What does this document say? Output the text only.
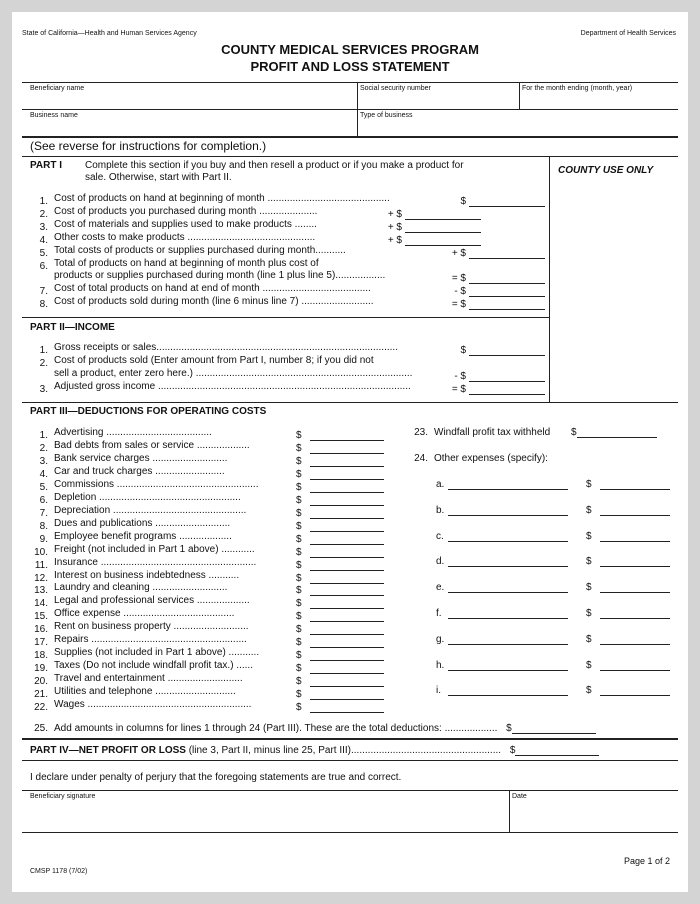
State of California—Health and Human Services Agency	Department of Health Services
COUNTY MEDICAL SERVICES PROGRAM
PROFIT AND LOSS STATEMENT
Beneficiary name	Social security number	For the month ending (month, year)
Business name	Type of business
(See reverse for instructions for completion.)
COUNTY USE ONLY
PART I Complete this section if you buy and then resell a product or if you make a product for
sale. Otherwise, start with Part II.
1. Cost of products on hand at beginning of month ............................................	$
2. Cost of products you purchased during month .....................	+ $
3. Cost of materials and supplies used to make products ........	+ $
4. Other costs to make products ..............................................	+ $
5. Total costs of products or supplies purchased during month...........	+ $
6. Total of products on hand at beginning of month plus cost of
products or supplies purchased during month (line 1 plus line 5)..................	= $
7. Cost of total products on hand at end of month .......................................	- $
8. Cost of products sold during month (line 6 minus line 7) ..........................	= $
PART II—INCOME
1. Gross receipts or sales.......................................................................................	$
2. Cost of products sold (Enter amount from Part I, number 8; if you did not
sell a product, enter zero here.) ..............................................................................	- $
3. Adjusted gross income ...........................................................................................	= $
PART III—DEDUCTIONS FOR OPERATING COSTS
1. Advertising ......................................	$
2. Bad debts from sales or service ...................	$
3. Bank service charges ...........................	$
4. Car and truck charges .........................	$
5. Commissions ...................................................	$
6. Depletion ...................................................	$
7. Depreciation ................................................	$
8. Dues and publications ...........................	$
9. Employee benefit programs ...................	$
10. Freight (not included in Part 1 above) ............	$
11. Insurance ........................................................	$
12. Interest on business indebtedness ...........	$
13. Laundry and cleaning ...........................	$
14. Legal and professional services ...................	$
15. Office expense ........................................	$
16. Rent on business property ...........................	$
17. Repairs ........................................................	$
18. Supplies (not included in Part 1 above) ...........	$
19. Taxes (Do not include windfall profit tax.) ......	$
20. Travel and entertainment ...........................	$
21. Utilities and telephone .............................	$
22. Wages ...........................................................	$
23. Windfall profit tax withheld $
24. Other expenses (specify):
a.	$
b.	$
c.	$
d.	$
e.	$
f.	$
g.	$
h.	$
i.	$
25. Add amounts in columns for lines 1 through 24 (Part III). These are the total deductions: ................... $
PART IV—NET PROFIT OR LOSS (line 3, Part II, minus line 25, Part III)...................................................... $
I declare under penalty of perjury that the foregoing statements are true and correct.
Beneficiary signature	Date
CMSP 1178 (7/02)
Page 1 of 2
